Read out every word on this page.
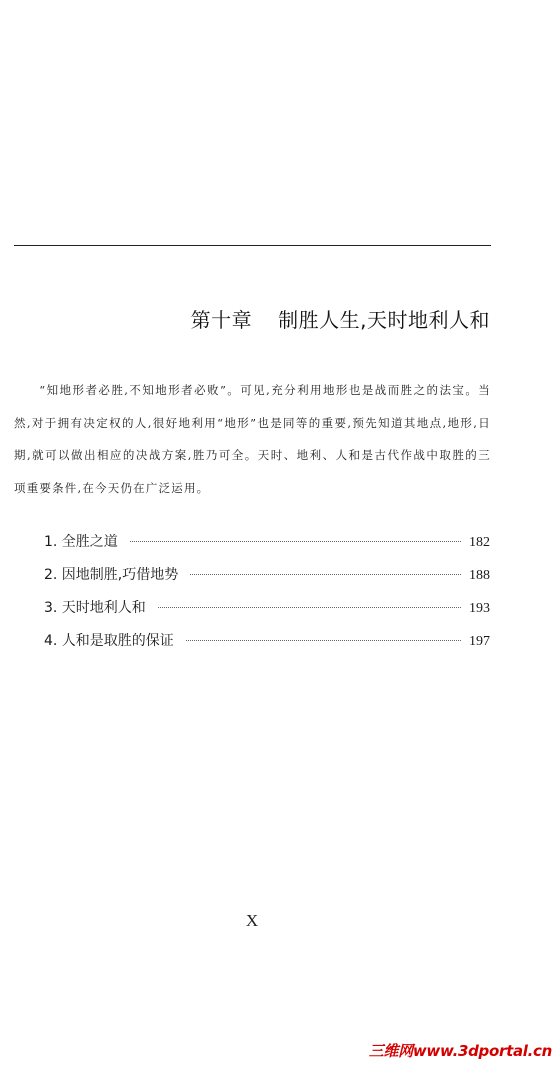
第十章 制胜人生,天时地利人和

“知地形者必胜,不知地形者必败”。可见,充分利用地形也是战而胜之的法宝。当然,对于拥有决定权的人,很好地利用“地形”也是同等的重要,预先知道其地点,地形,日期,就可以做出相应的决战方案,胜乃可全。天时、地利、人和是古代作战中取胜的三项重要条件,在今天仍在广泛运用。

1. 全胜之道	182
2. 因地制胜,巧借地势	188
3. 天时地利人和	193
4. 人和是取胜的保证	197
X
三维网www.3dportal.cn
